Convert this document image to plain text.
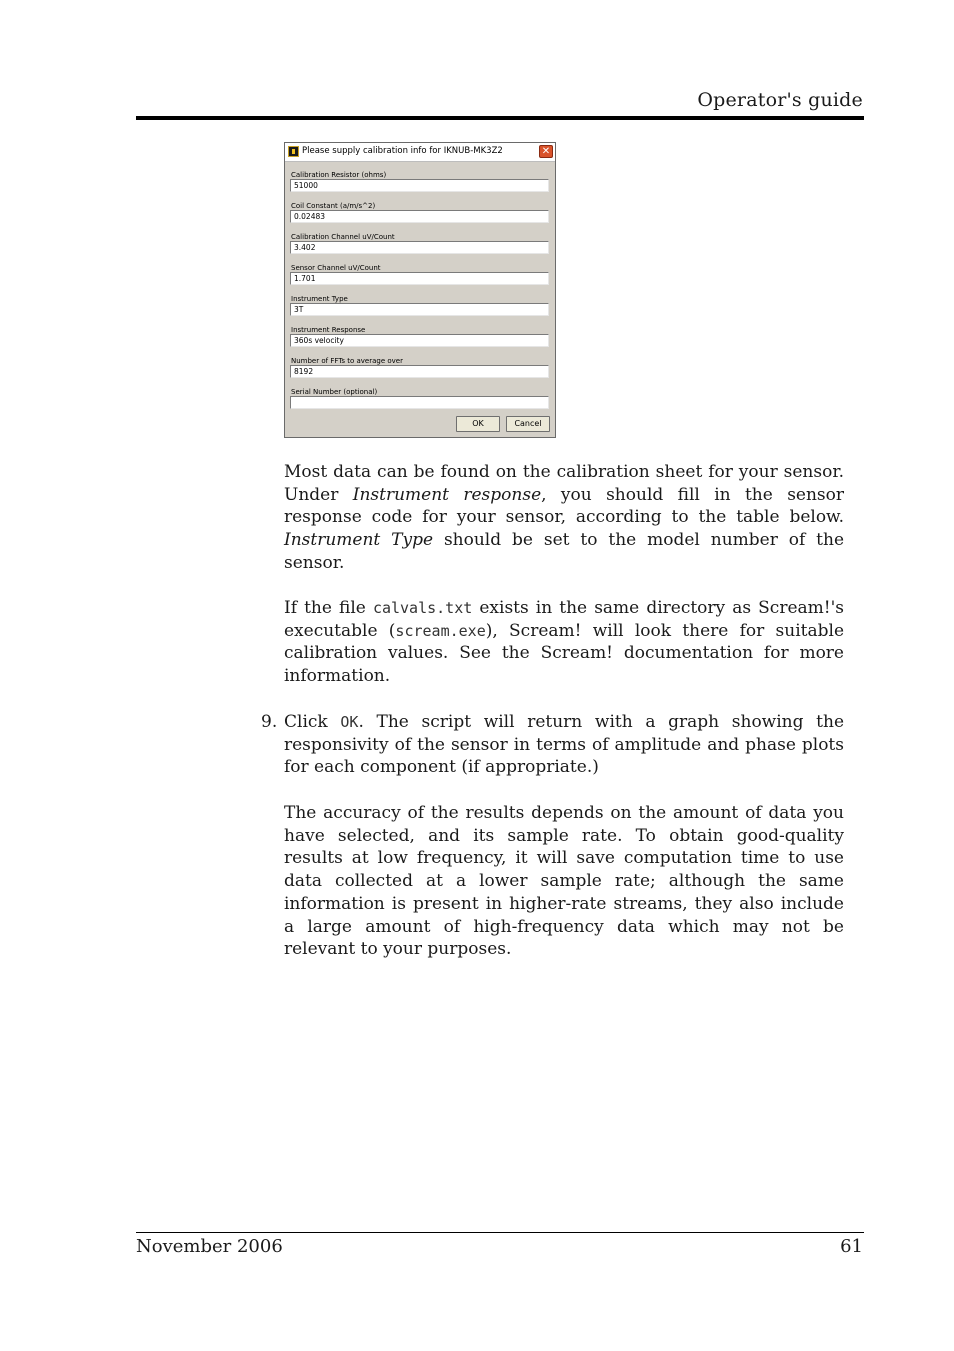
Operator's guide
Please supply calibration info for IKNUB-MK3Z2	✕
Calibration Resistor (ohms)
51000
Coil Constant (a/m/s^2)
0.02483
Calibration Channel uV/Count
3.402
Sensor Channel uV/Count
1.701
Instrument Type
3T
Instrument Response
360s velocity
Number of FFTs to average over
8192
Serial Number (optional)
OK	Cancel

Most data can be found on the calibration sheet for your sensor. Under Instrument response, you should fill in the sensor response code for your sensor, according to the table below. Instrument Type should be set to the model number of the sensor.

If the file calvals.txt exists in the same directory as Scream!'s executable (scream.exe), Scream! will look there for suitable calibration values. See the Scream! documentation for more information.

9. Click OK. The script will return with a graph showing the responsivity of the sensor in terms of amplitude and phase plots for each component (if appropriate.)

The accuracy of the results depends on the amount of data you have selected, and its sample rate. To obtain good-quality results at low frequency, it will save computation time to use data collected at a lower sample rate; although the same information is present in higher-rate streams, they also include a large amount of high-frequency data which may not be relevant to your purposes.

November 2006	61
